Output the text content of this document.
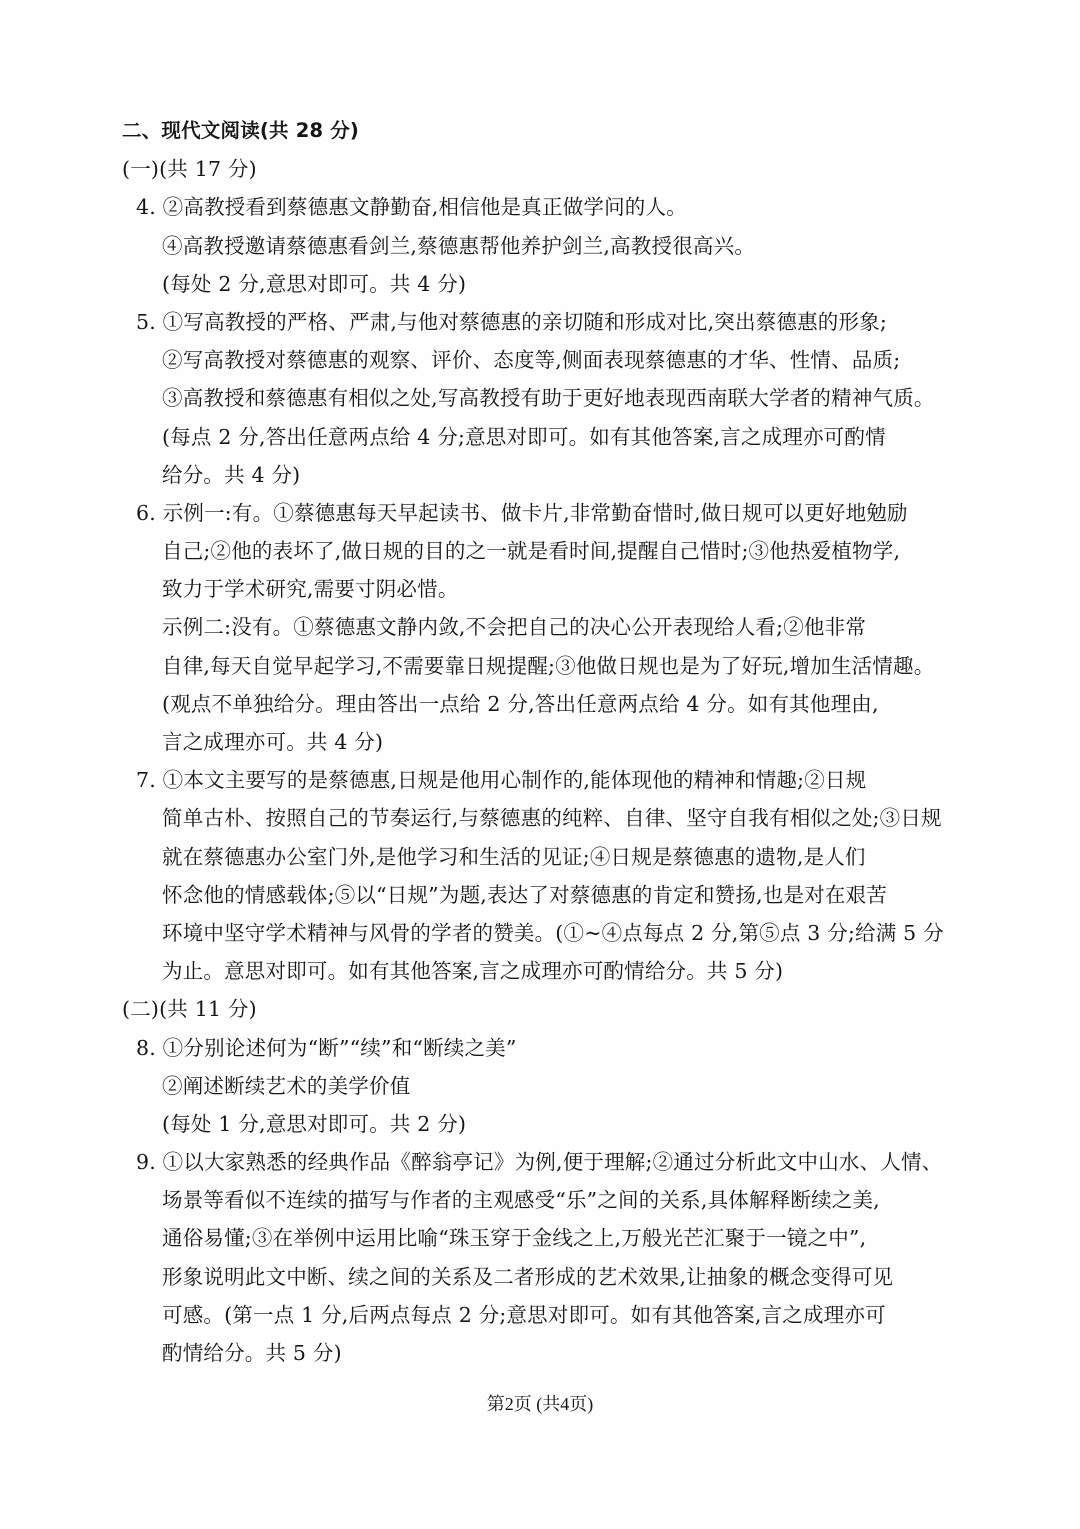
二、现代文阅读(共 28 分)
(一)(共 17 分)
4. ②高教授看到蔡德惠文静勤奋,相信他是真正做学问的人。
④高教授邀请蔡德惠看剑兰,蔡德惠帮他养护剑兰,高教授很高兴。
(每处 2 分,意思对即可。共 4 分)
5. ①写高教授的严格、严肃,与他对蔡德惠的亲切随和形成对比,突出蔡德惠的形象;
②写高教授对蔡德惠的观察、评价、态度等,侧面表现蔡德惠的才华、性情、品质;
③高教授和蔡德惠有相似之处,写高教授有助于更好地表现西南联大学者的精神气质。
(每点 2 分,答出任意两点给 4 分;意思对即可。如有其他答案,言之成理亦可酌情
给分。共 4 分)
6. 示例一:有。①蔡德惠每天早起读书、做卡片,非常勤奋惜时,做日规可以更好地勉励
自己;②他的表坏了,做日规的目的之一就是看时间,提醒自己惜时;③他热爱植物学,
致力于学术研究,需要寸阴必惜。
示例二:没有。①蔡德惠文静内敛,不会把自己的决心公开表现给人看;②他非常
自律,每天自觉早起学习,不需要靠日规提醒;③他做日规也是为了好玩,增加生活情趣。
(观点不单独给分。理由答出一点给 2 分,答出任意两点给 4 分。如有其他理由,
言之成理亦可。共 4 分)
7. ①本文主要写的是蔡德惠,日规是他用心制作的,能体现他的精神和情趣;②日规
简单古朴、按照自己的节奏运行,与蔡德惠的纯粹、自律、坚守自我有相似之处;③日规
就在蔡德惠办公室门外,是他学习和生活的见证;④日规是蔡德惠的遗物,是人们
怀念他的情感载体;⑤以“日规”为题,表达了对蔡德惠的肯定和赞扬,也是对在艰苦
环境中坚守学术精神与风骨的学者的赞美。(①~④点每点 2 分,第⑤点 3 分;给满 5 分
为止。意思对即可。如有其他答案,言之成理亦可酌情给分。共 5 分)
(二)(共 11 分)
8. ①分别论述何为“断”“续”和“断续之美”
②阐述断续艺术的美学价值
(每处 1 分,意思对即可。共 2 分)
9. ①以大家熟悉的经典作品《醉翁亭记》为例,便于理解;②通过分析此文中山水、人情、
场景等看似不连续的描写与作者的主观感受“乐”之间的关系,具体解释断续之美,
通俗易懂;③在举例中运用比喻“珠玉穿于金线之上,万般光芒汇聚于一镜之中”,
形象说明此文中断、续之间的关系及二者形成的艺术效果,让抽象的概念变得可见
可感。(第一点 1 分,后两点每点 2 分;意思对即可。如有其他答案,言之成理亦可
酌情给分。共 5 分)
第2页 (共4页)
